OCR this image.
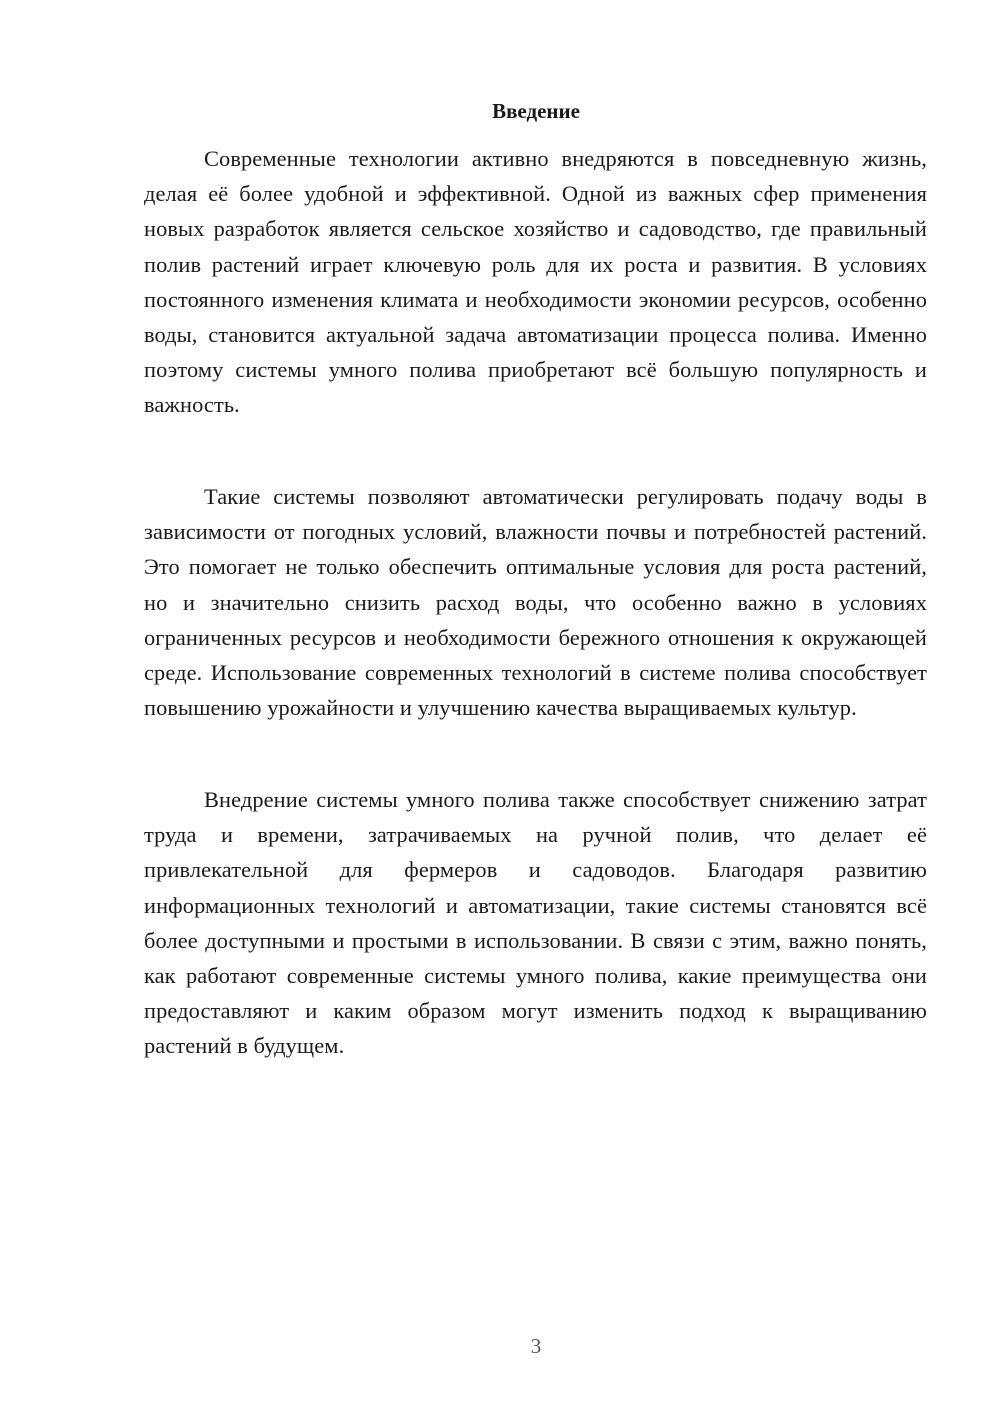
Введение

Современные технологии активно внедряются в повседневную жизнь, делая её более удобной и эффективной. Одной из важных сфер применения новых разработок является сельское хозяйство и садоводство, где правильный полив растений играет ключевую роль для их роста и развития. В условиях постоянного изменения климата и необходимости экономии ресурсов, особенно воды, становится актуальной задача автоматизации процесса полива. Именно поэтому системы умного полива приобретают всё большую популярность и важность.

Такие системы позволяют автоматически регулировать подачу воды в зависимости от погодных условий, влажности почвы и потребностей растений. Это помогает не только обеспечить оптимальные условия для роста растений, но и значительно снизить расход воды, что особенно важно в условиях ограниченных ресурсов и необходимости бережного отношения к окружающей среде. Использование современных технологий в системе полива способствует повышению урожайности и улучшению качества выращиваемых культур.

Внедрение системы умного полива также способствует снижению затрат труда и времени, затрачиваемых на ручной полив, что делает её привлекательной для фермеров и садоводов. Благодаря развитию информационных технологий и автоматизации, такие системы становятся всё более доступными и простыми в использовании. В связи с этим, важно понять, как работают современные системы умного полива, какие преимущества они предоставляют и каким образом могут изменить подход к выращиванию растений в будущем.

3
